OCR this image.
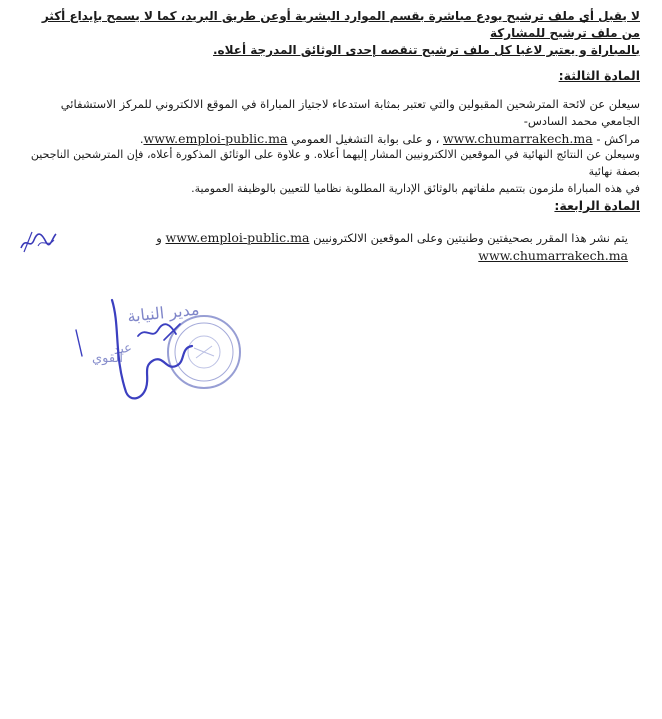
لا يقبل أي ملف ترشيح يودع مباشرة بقسم الموارد البشرية أوعن طريق البريد، كما لا يسمح بإيداع أكثر من ملف ترشيح للمشاركة
بالمباراة و يعتبر لاغيا كل ملف ترشيح تنقصه إحدى الوثائق المدرجة أعلاه.
المادة الثالثة:
سيعلن عن لائحة المترشحين المقبولين والتي تعتبر بمثابة استدعاء لاجتياز المباراة في الموقع الالكتروني للمركز الاستشفائي الجامعي محمد السادس-
مراكش - www.chumarrakech.ma ، و على بوابة التشغيل العمومي www.emploi-public.ma.
وسيعلن عن النتائج النهائية في الموقعين الالكترونيين المشار إليهما أعلاه. و علاوة على الوثائق المذكورة أعلاه، فإن المترشحين الناجحين بصفة نهائية
في هذه المباراة ملزمون بتتميم ملفاتهم بالوثائق الإدارية المطلوبة نظاميا للتعيين بالوظيفة العمومية.
المادة الرابعة:
يتم نشر هذا المقرر بصحيفتين وطنيتين وعلى الموقعين الالكترونيين www.emploi-public.ma و www.chumarrakech.ma
مدير النيابة
عبد
القوي
